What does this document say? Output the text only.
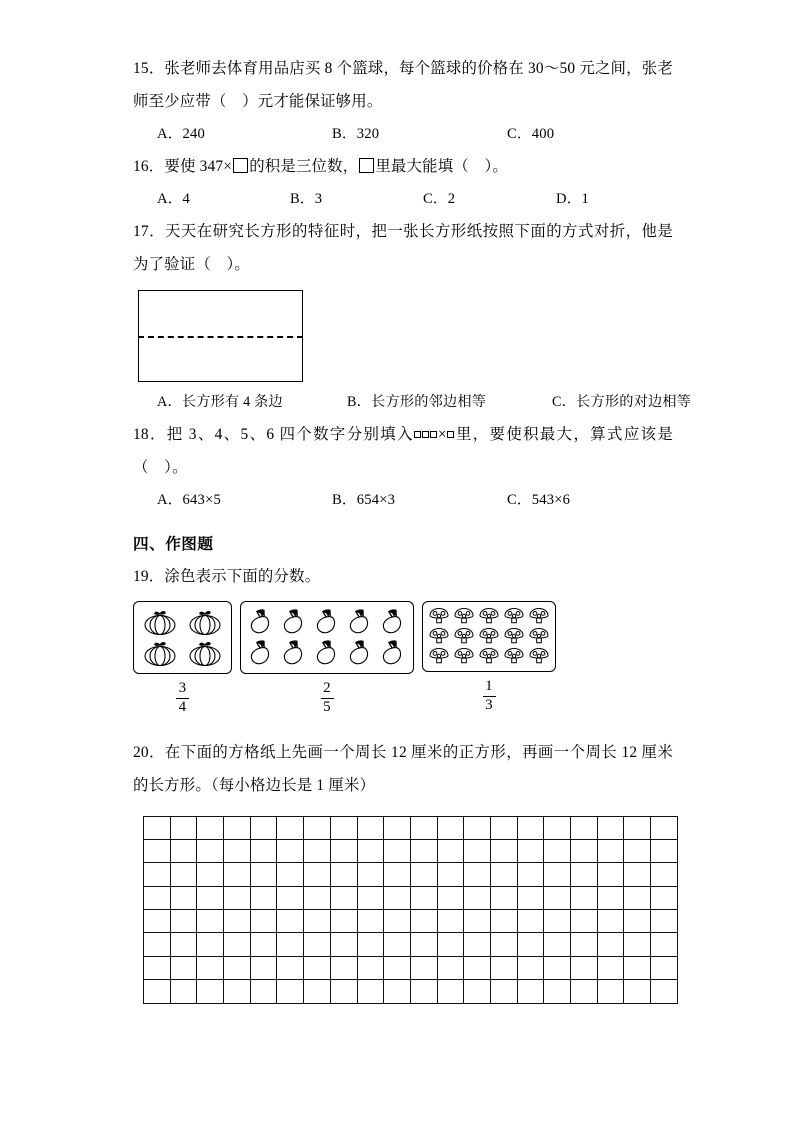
15．张老师去体育用品店买 8 个篮球，每个篮球的价格在 30～50 元之间，张老师至少应带（　）元才能保证够用。

A．240	B．320	C．400

16．要使 347× 的积是三位数， 里最大能填（　）。

A．4	B．3	C．2	D．1

17．天天在研究长方形的特征时，把一张长方形纸按照下面的方式对折，他是为了验证（　）。

A．长方形有 4 条边	B．长方形的邻边相等	C．长方形的对边相等

18．把 3、4、5、6 四个数字分别填入 × 里，要使积最大，算式应该是（　）。

A．643×5	B．654×3	C．543×6
四、作图题

19．涂色表示下面的分数。

$\frac{3}{4}$	$\frac{2}{5}$	$\frac{1}{3}$

20．在下面的方格纸上先画一个周长 12 厘米的正方形，再画一个周长 12 厘米的长方形。（每小格边长是 1 厘米）
